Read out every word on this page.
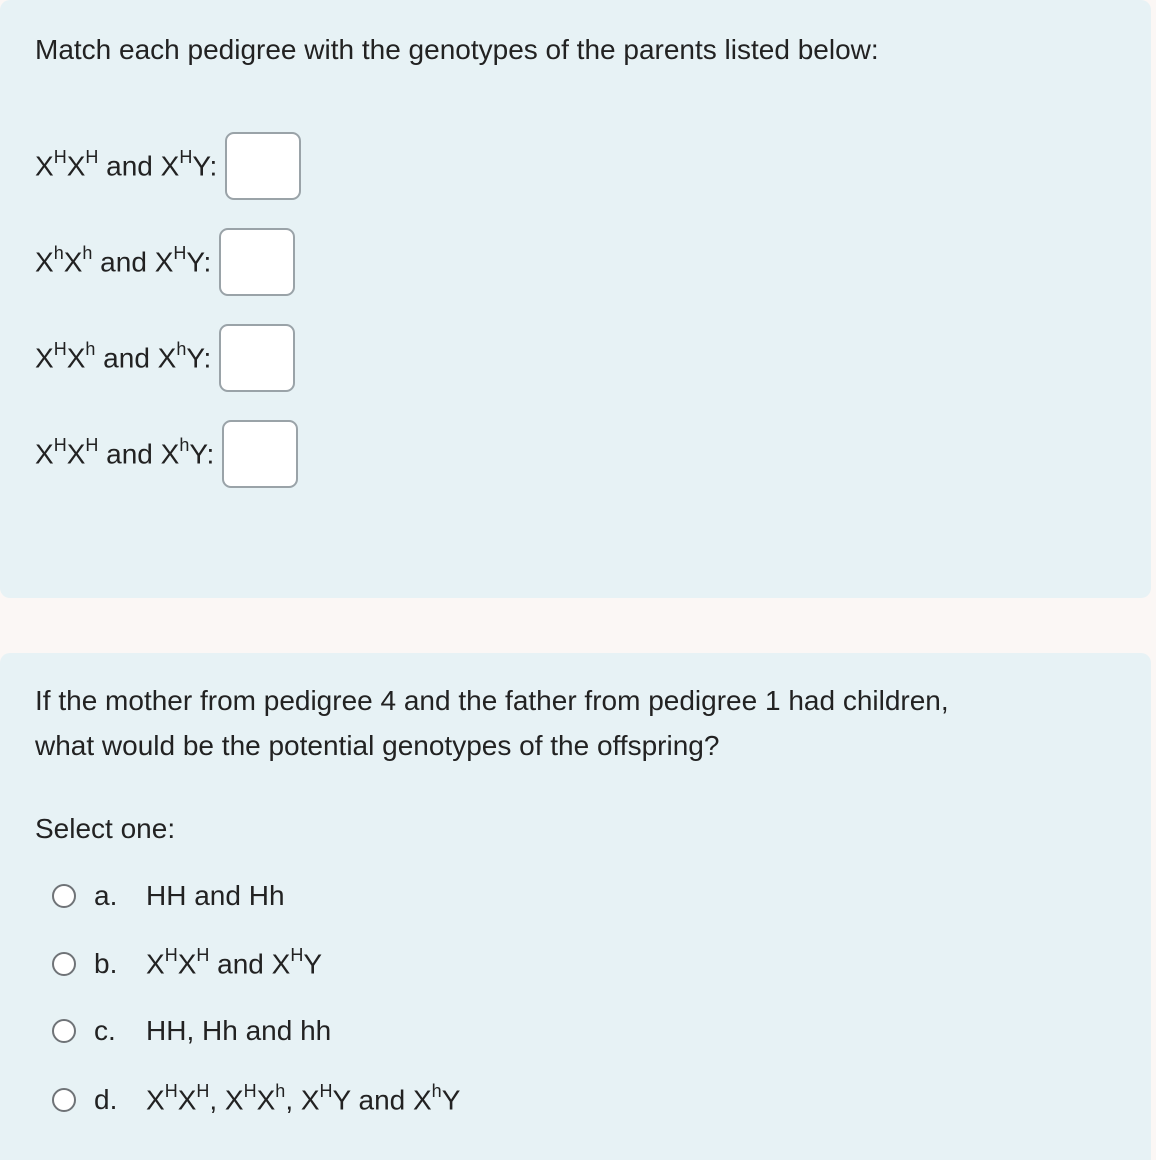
Match each pedigree with the genotypes of the parents listed below:
$X^HX^H$ and $X^HY$:
$X^hX^h$ and $X^HY$:
$X^HX^h$ and $X^hY$:
$X^HX^H$ and $X^hY$:
If the mother from pedigree 4 and the father from pedigree 1 had children,
what would be the potential genotypes of the offspring?
Select one:
a.	HH and Hh
b.	$X^HX^H$ and $X^HY$
c.	HH, Hh and hh
d.	$X^HX^H$, $X^HX^h$, $X^HY$ and $X^hY$
